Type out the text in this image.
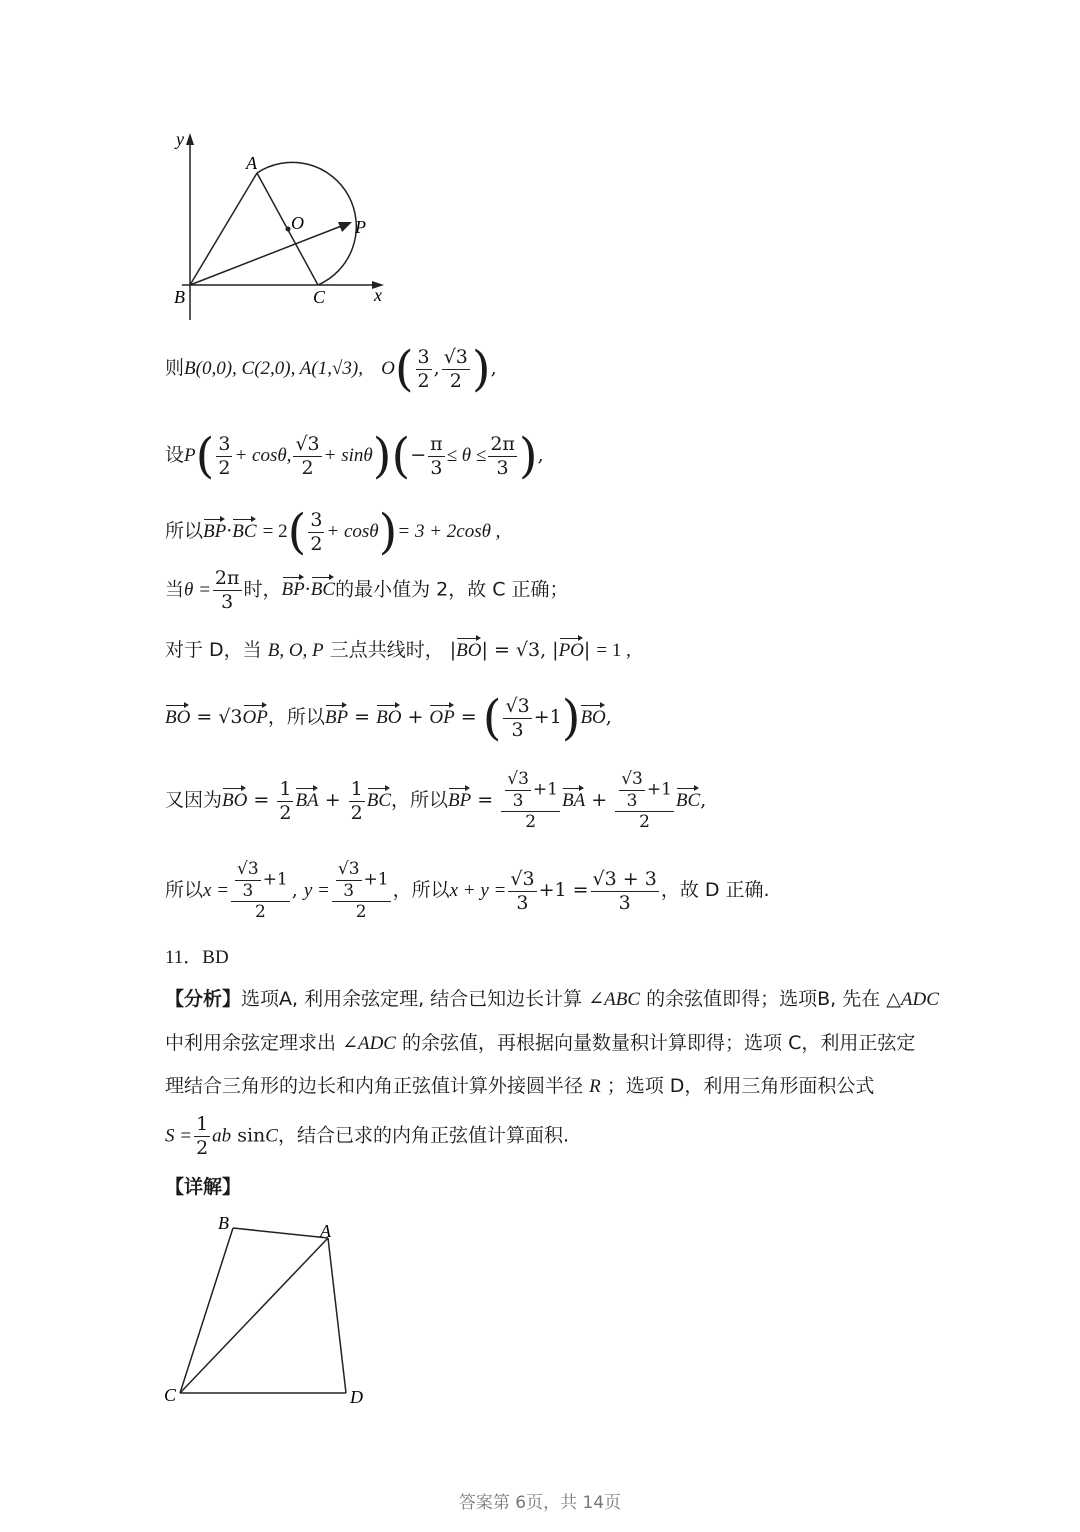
y
A
O	P
B	C	x
则B(0,0), C(2,0), A(1,√3), $O( \frac{3}{2}$ , $\frac{√3}{2}$ ),
设$P( \frac{3}{2} + \cos\theta$, $\frac{√3}{2} + \sin\theta)(- \frac{\pi}{3} \le \theta \le \frac{2\pi}{3}$ ),
所以$BP\cdot BC = 2( \frac{3}{2} + \cos\theta)= 3 + 2\cos\theta$ ,
当$\theta = \frac{2\pi}{3}$ 时，BP·BC的最小值为 2，故 C 正确；
对于 D，当 B, O, P 三点共线时， |BO| = √3, |PO| = 1 ,
BO = √3OP，所以BP = BO + OP = ( $\frac{√3}{3} +1)BO$,
又因为BO = $\frac{1}{2}$ BA + $\frac{1}{2}$ BC，所以BP = $\frac{\frac{√3}{3} +1}{2}$ BA + $\frac{\frac{√3}{3} +1}{2}$ BC,
所以$x = \frac{\frac{√3}{3} +1}{2}$ , $y = \frac{\frac{√3}{3} +1}{2}$ ，所以$x + y = \frac{√3}{3} +1 = \frac{√3 + 3}{3}$ ，故 D 正确.
11．BD
【分析】选项A, 利用余弦定理, 结合已知边长计算 ∠ABC 的余弦值即得；选项B, 先在 △ADC
中利用余弦定理求出 ∠ADC 的余弦值，再根据向量数量积计算即得；选项 C，利用正弦定
理结合三角形的边长和内角正弦值计算外接圆半径 R ；选项 D，利用三角形面积公式
$S = \frac{1}{2}$ ab sinC，结合已求的内角正弦值计算面积.
【详解】
B	A
C	D
答案第 6页，共 14页
